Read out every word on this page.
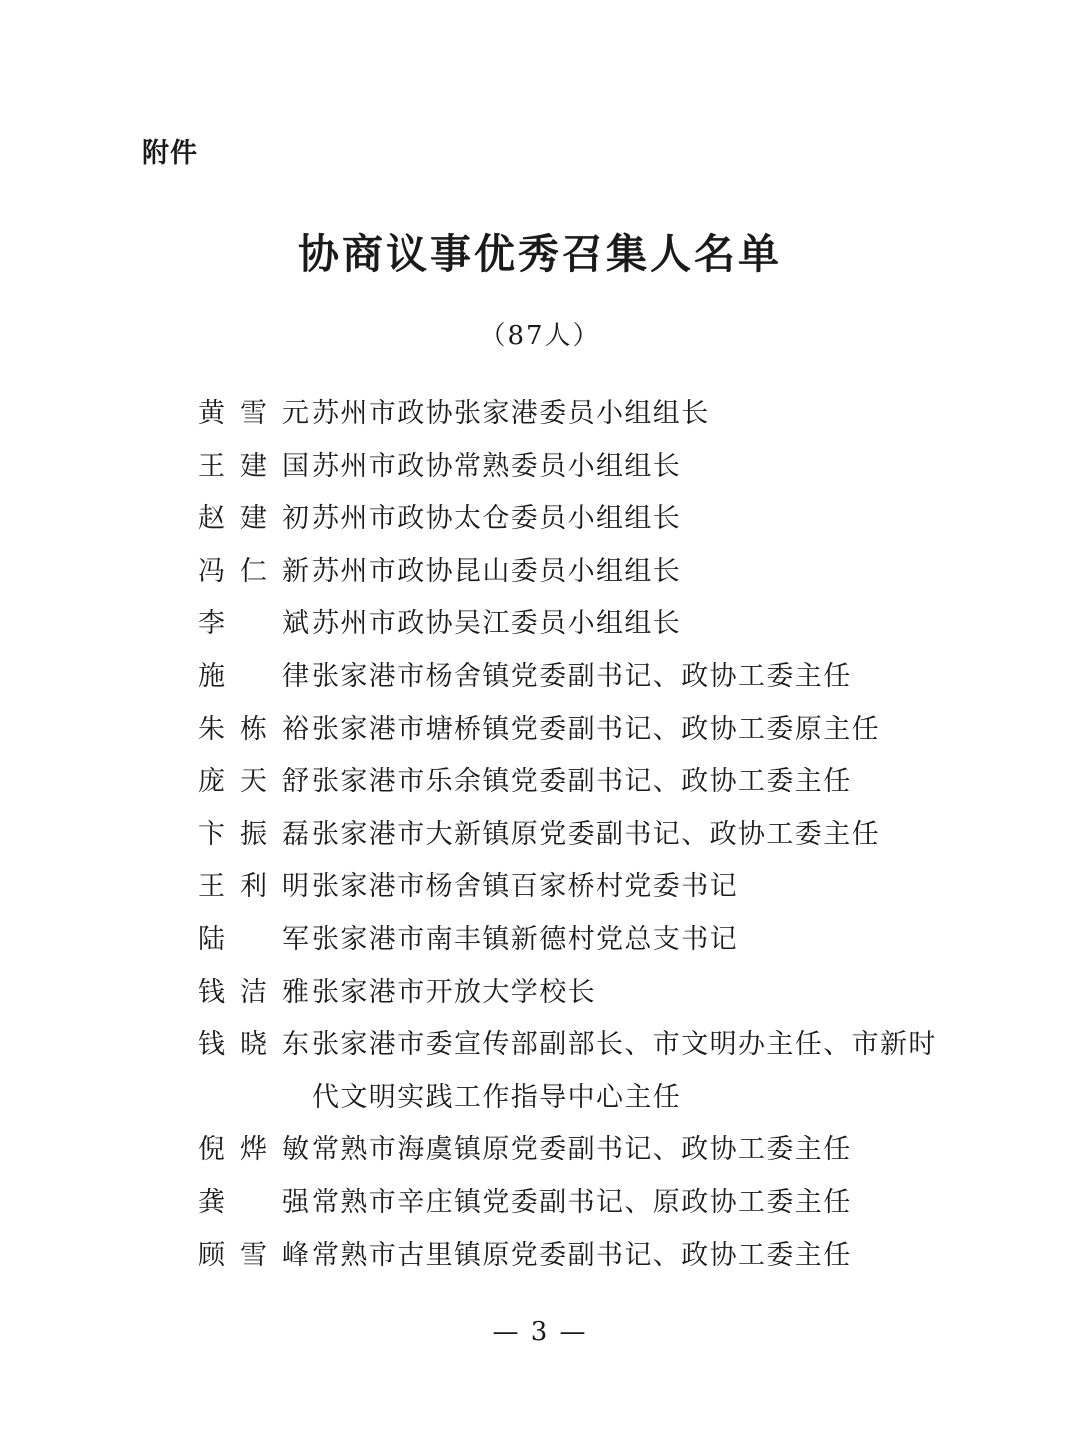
附件
协商议事优秀召集人名单
（87人）
黄雪元 苏州市政协张家港委员小组组长
王建国 苏州市政协常熟委员小组组长
赵建初 苏州市政协太仓委员小组组长
冯仁新 苏州市政协昆山委员小组组长
李　斌 苏州市政协吴江委员小组组长
施　律 张家港市杨舍镇党委副书记、政协工委主任
朱栋裕 张家港市塘桥镇党委副书记、政协工委原主任
庞天舒 张家港市乐余镇党委副书记、政协工委主任
卞振磊 张家港市大新镇原党委副书记、政协工委主任
王利明 张家港市杨舍镇百家桥村党委书记
陆　军 张家港市南丰镇新德村党总支书记
钱洁雅 张家港市开放大学校长
钱晓东 张家港市委宣传部副部长、市文明办主任、市新时代文明实践工作指导中心主任
倪烨敏 常熟市海虞镇原党委副书记、政协工委主任
龚　强 常熟市辛庄镇党委副书记、原政协工委主任
顾雪峰 常熟市古里镇原党委副书记、政协工委主任
— 3 —
